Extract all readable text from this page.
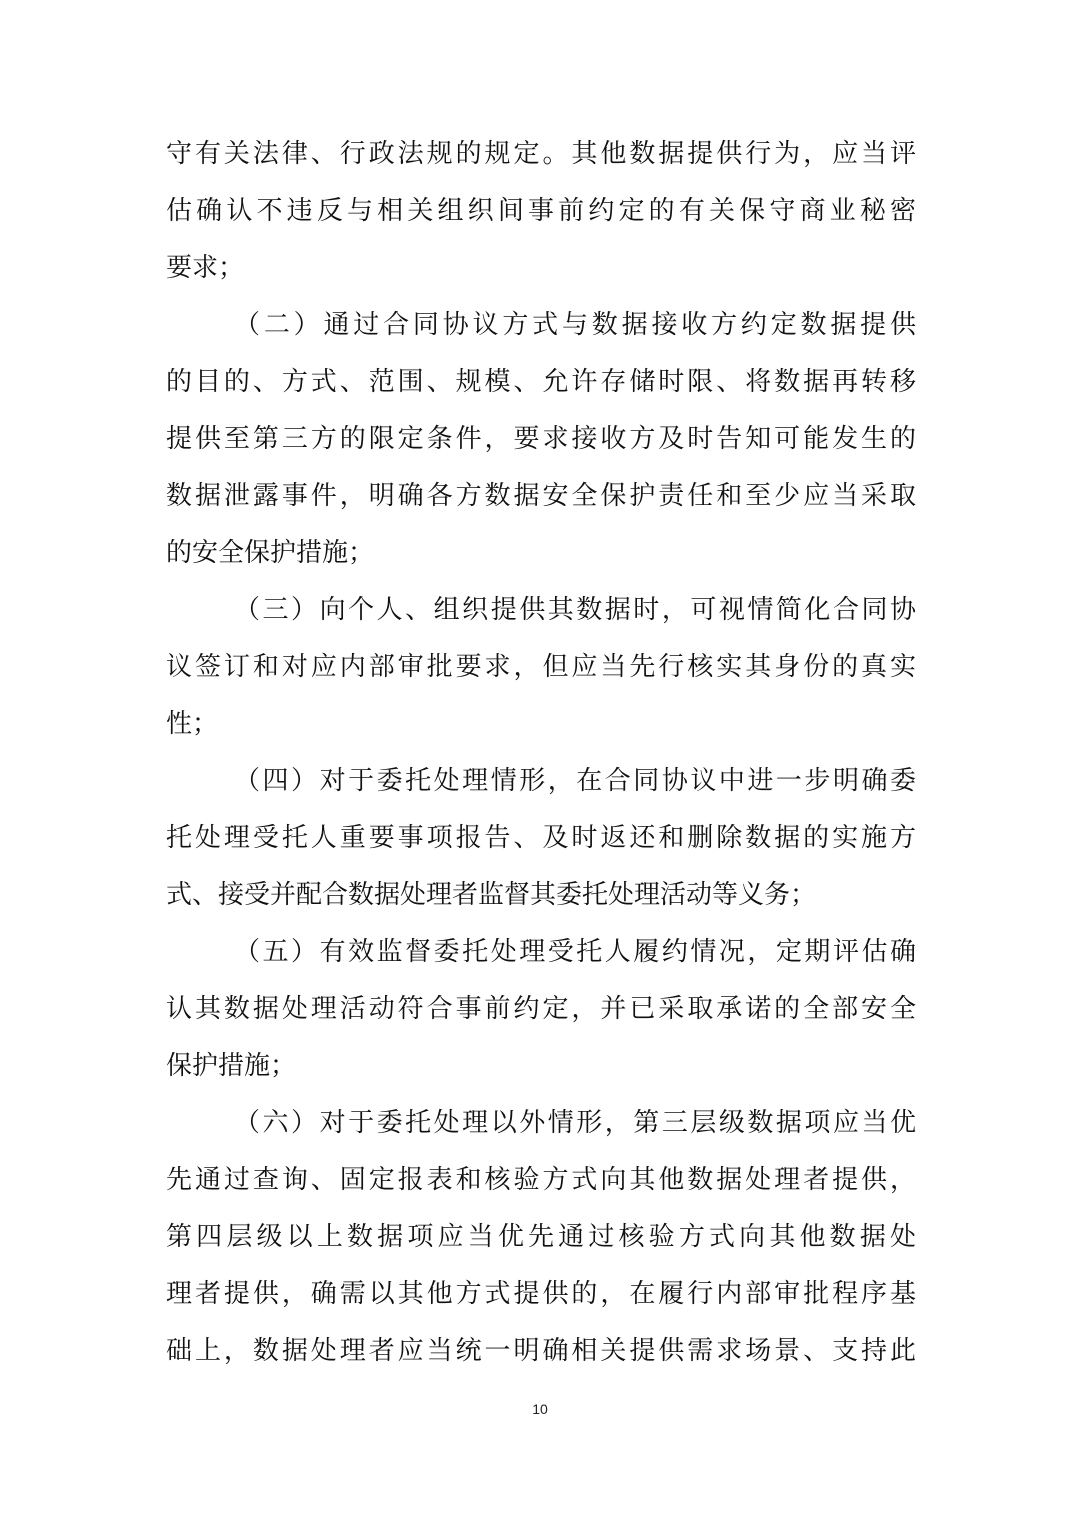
守有关法律、行政法规的规定。其他数据提供行为，应当评
估确认不违反与相关组织间事前约定的有关保守商业秘密
要求；
（二）通过合同协议方式与数据接收方约定数据提供
的目的、方式、范围、规模、允许存储时限、将数据再转移
提供至第三方的限定条件，要求接收方及时告知可能发生的
数据泄露事件，明确各方数据安全保护责任和至少应当采取
的安全保护措施；
（三）向个人、组织提供其数据时，可视情简化合同协
议签订和对应内部审批要求，但应当先行核实其身份的真实
性；
（四）对于委托处理情形，在合同协议中进一步明确委
托处理受托人重要事项报告、及时返还和删除数据的实施方
式、接受并配合数据处理者监督其委托处理活动等义务；
（五）有效监督委托处理受托人履约情况，定期评估确
认其数据处理活动符合事前约定，并已采取承诺的全部安全
保护措施；
（六）对于委托处理以外情形，第三层级数据项应当优
先通过查询、固定报表和核验方式向其他数据处理者提供，
第四层级以上数据项应当优先通过核验方式向其他数据处
理者提供，确需以其他方式提供的，在履行内部审批程序基
础上，数据处理者应当统一明确相关提供需求场景、支持此
10
